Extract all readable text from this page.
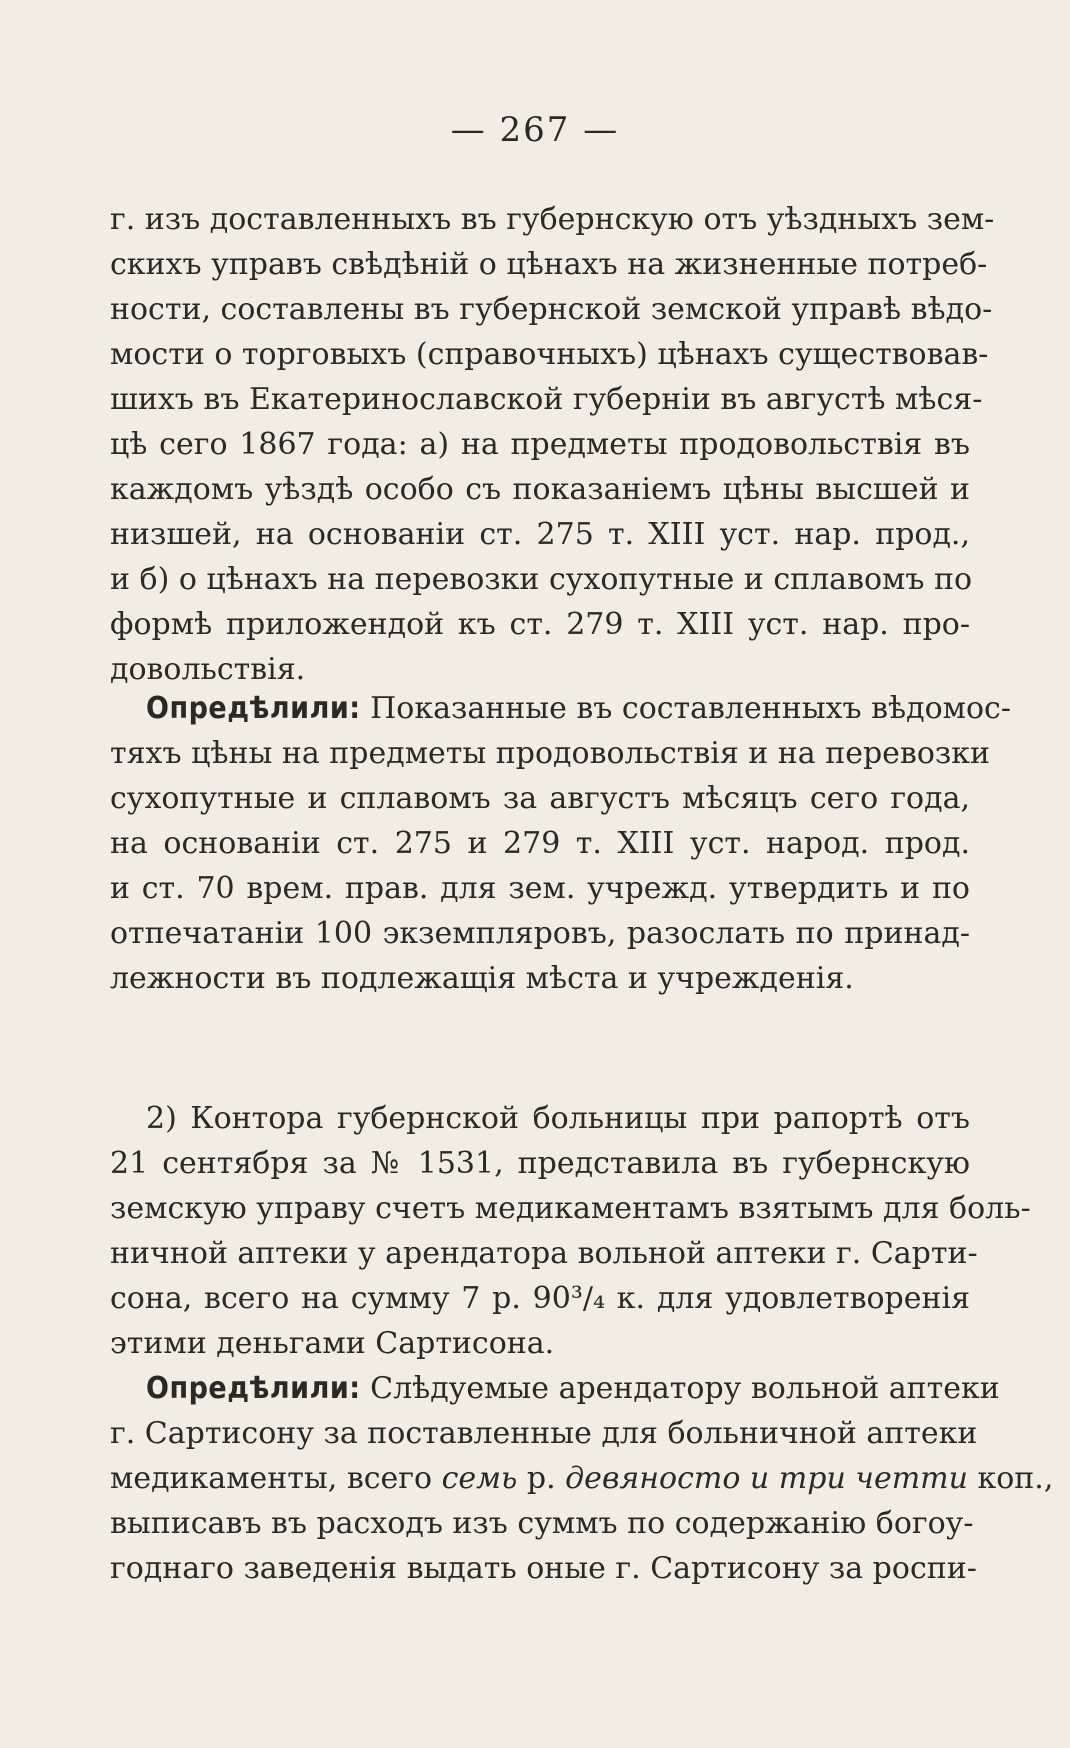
— 267 —
г. изъ доставленныхъ въ губернскую отъ уѣздныхъ зем-
скихъ управъ свѣдѣній о цѣнахъ на жизненные потреб-
ности, составлены въ губернской земской управѣ вѣдо-
мости о торговыхъ (справочныхъ) цѣнахъ существовав-
шихъ въ Екатеринославской губерніи въ августѣ мѣся-
цѣ сего 1867 года: а) на предметы продовольствія въ
каждомъ уѣздѣ особо съ показаніемъ цѣны высшей и
низшей, на основаніи ст. 275 т. XIII уст. нар. прод.,
и б) о цѣнахъ на перевозки сухопутные и сплавомъ по
формѣ приложендой къ ст. 279 т. XIII уст. нар. про-
довольствія.
Опредѣлили: Показанные въ составленныхъ вѣдомос-
тяхъ цѣны на предметы продовольствія и на перевозки
сухопутные и сплавомъ за августъ мѣсяцъ сего года,
на основаніи ст. 275 и 279 т. XIII уст. народ. прод.
и ст. 70 врем. прав. для зем. учрежд. утвердить и по
отпечатаніи 100 экземпляровъ, разослать по принад-
лежности въ подлежащія мѣста и учрежденія.
2) Контора губернской больницы при рапортѣ отъ
21 сентября за № 1531, представила въ губернскую
земскую управу счетъ медикаментамъ взятымъ для боль-
ничной аптеки у арендатора вольной аптеки г. Сарти-
сона, всего на сумму 7 р. 90³/₄ к. для удовлетворенія
этими деньгами Сартисона.
Опредѣлили: Слѣдуемые арендатору вольной аптеки
г. Сартисону за поставленные для больничной аптеки
медикаменты, всего семь р. девяносто и три четти коп.,
выписавъ въ расходъ изъ суммъ по содержанію богоу-
годнаго заведенія выдать оные г. Сартисону за роспи-
